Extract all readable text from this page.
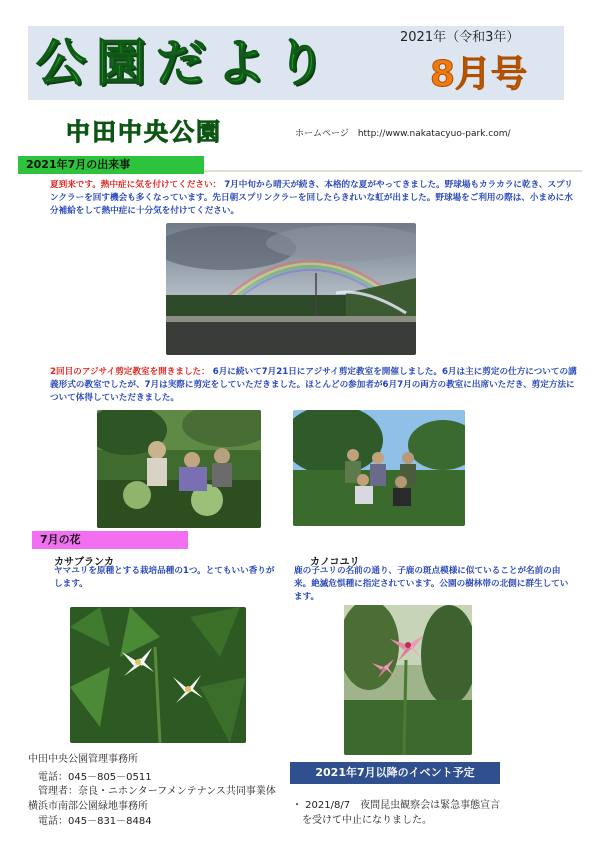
公園だより	2021年（令和3年）
8月号
中田中央公園	ホームページ　http://www.nakatacyuo-park.com/
2021年7月の出来事
夏到来です。熱中症に気を付けてください： 7月中旬から晴天が続き、本格的な夏がやってきました。野球場もカラカラに乾き、スプリンクラーを回す機会も多くなっています。先日朝スプリンクラーを回したらきれいな虹が出ました。野球場をご利用の際は、小まめに水分補給をして熱中症に十分気を付けてください。
2回目のアジサイ剪定教室を開きました： 6月に続いて7月21日にアジサイ剪定教室を開催しました。6月は主に剪定の仕方についての講義形式の教室でしたが、7月は実際に剪定をしていただきました。ほとんどの参加者が6月7月の両方の教室に出席いただき、剪定方法について体得していただきました。
7月の花
カサブランカ
ヤマユリを原種とする栽培品種の1つ。とてもいい香りがします。
カノコユリ
鹿の子ユリの名前の通り、子鹿の斑点模様に似ていることが名前の由来。絶滅危惧種に指定されています。公園の樹林帯の北側に群生しています。
中田中央公園管理事務所
電話：045－805－0511
管理者：奈良・ニホンターフメンテナンス共同事業体
横浜市南部公園緑地事務所
電話：045－831－8484
2021年7月以降のイベント予定
・ 2021/8/7　夜間昆虫観察会は緊急事態宣言
を受けて中止になりました。
